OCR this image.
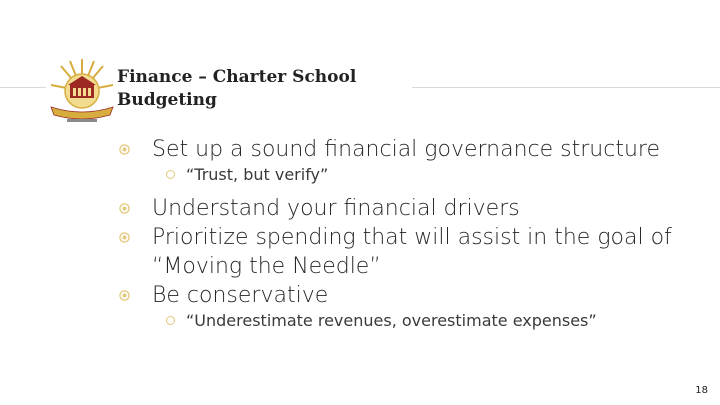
Finance – Charter School
Budgeting
Set up a sound financial governance structure
“Trust, but verify”
Understand your financial drivers
Prioritize spending that will assist in the goal of
“Moving the Needle”
Be conservative
“Underestimate revenues, overestimate expenses”
18
